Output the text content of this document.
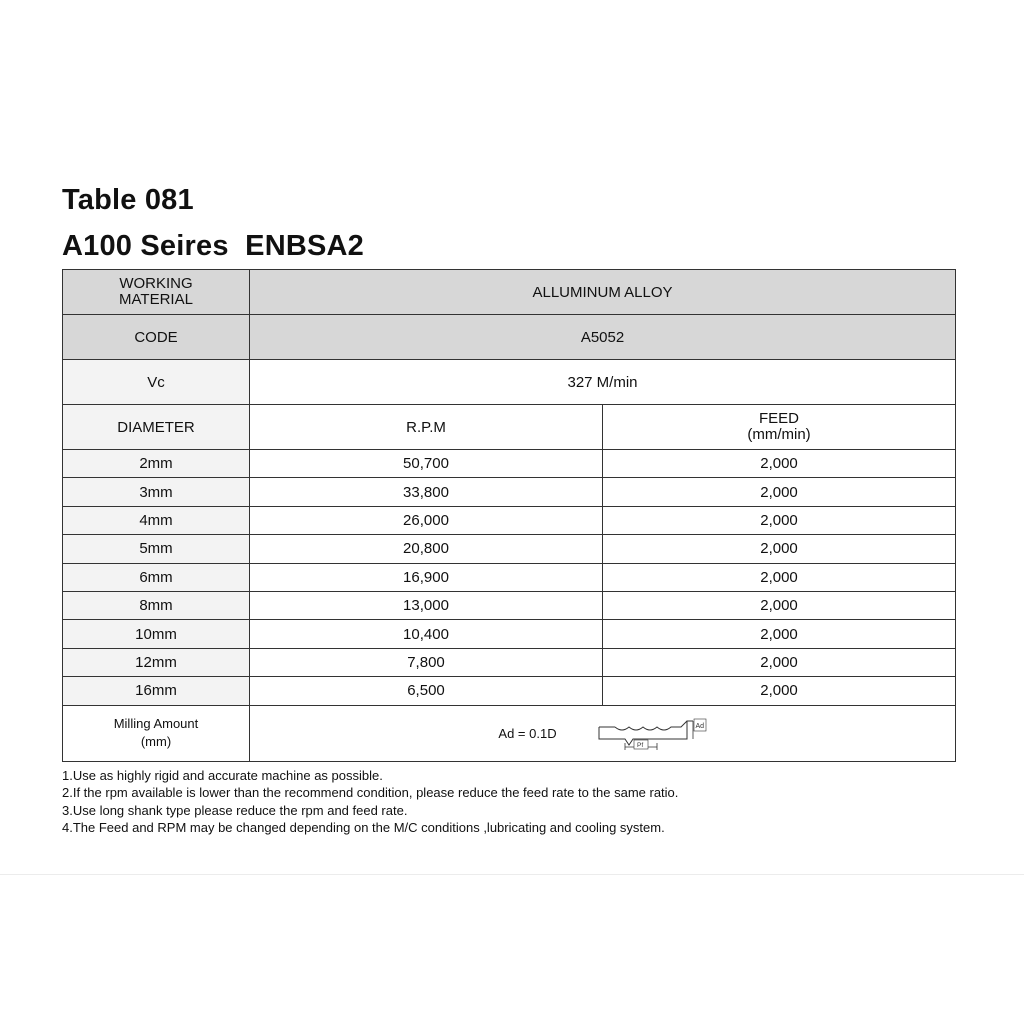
Table 081
A100 Seires  ENBSA2
WORKING
MATERIAL	ALLUMINUM ALLOY	
CODE	A5052	
Vc	327 M/min	
DIAMETER	R.P.M	FEED
(mm/min)
2mm	50,700	2,000
3mm	33,800	2,000
4mm	26,000	2,000
5mm	20,800	2,000
6mm	16,900	2,000
8mm	13,000	2,000
10mm	10,400	2,000
12mm	7,800	2,000
16mm	6,500	2,000
Milling Amount
(mm)	Ad = 0.1D Ad
Pf	
1.Use as highly rigid and accurate machine as possible.
2.If the rpm available is lower than the recommend condition, please reduce the feed rate to the same ratio.
3.Use long shank type please reduce the rpm and feed rate.
4.The Feed and RPM may be changed depending on the M/C conditions ,lubricating and cooling system.
